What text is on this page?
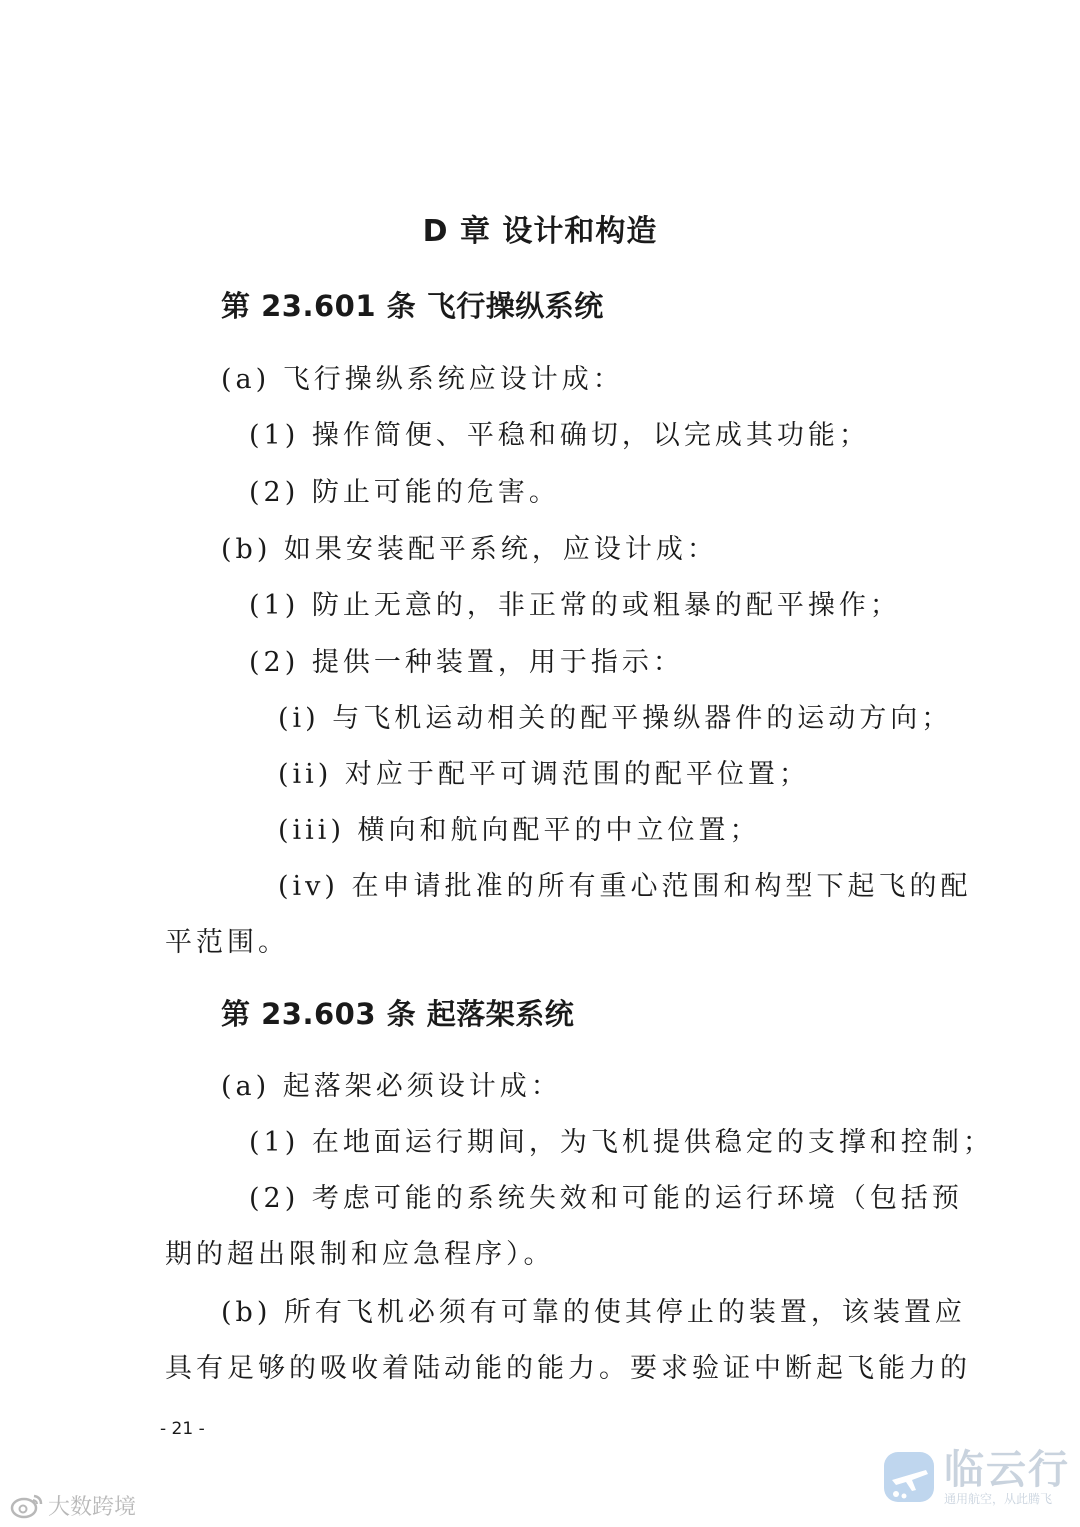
D 章 设计和构造
第 23.601 条 飞行操纵系统
(a) 飞行操纵系统应设计成：
(1) 操作简便、平稳和确切，以完成其功能；
(2) 防止可能的危害。
(b) 如果安装配平系统，应设计成：
(1) 防止无意的，非正常的或粗暴的配平操作；
(2) 提供一种装置，用于指示：
(i) 与飞机运动相关的配平操纵器件的运动方向；
(ii) 对应于配平可调范围的配平位置；
(iii) 横向和航向配平的中立位置；
(iv) 在申请批准的所有重心范围和构型下起飞的配
平范围。
第 23.603 条 起落架系统
(a) 起落架必须设计成：
(1) 在地面运行期间，为飞机提供稳定的支撑和控制；
(2) 考虑可能的系统失效和可能的运行环境（包括预
期的超出限制和应急程序）。
(b) 所有飞机必须有可靠的使其停止的装置，该装置应
具有足够的吸收着陆动能的能力。要求验证中断起飞能力的
- 21 -
大数跨境
临云行
通用航空，从此腾飞
